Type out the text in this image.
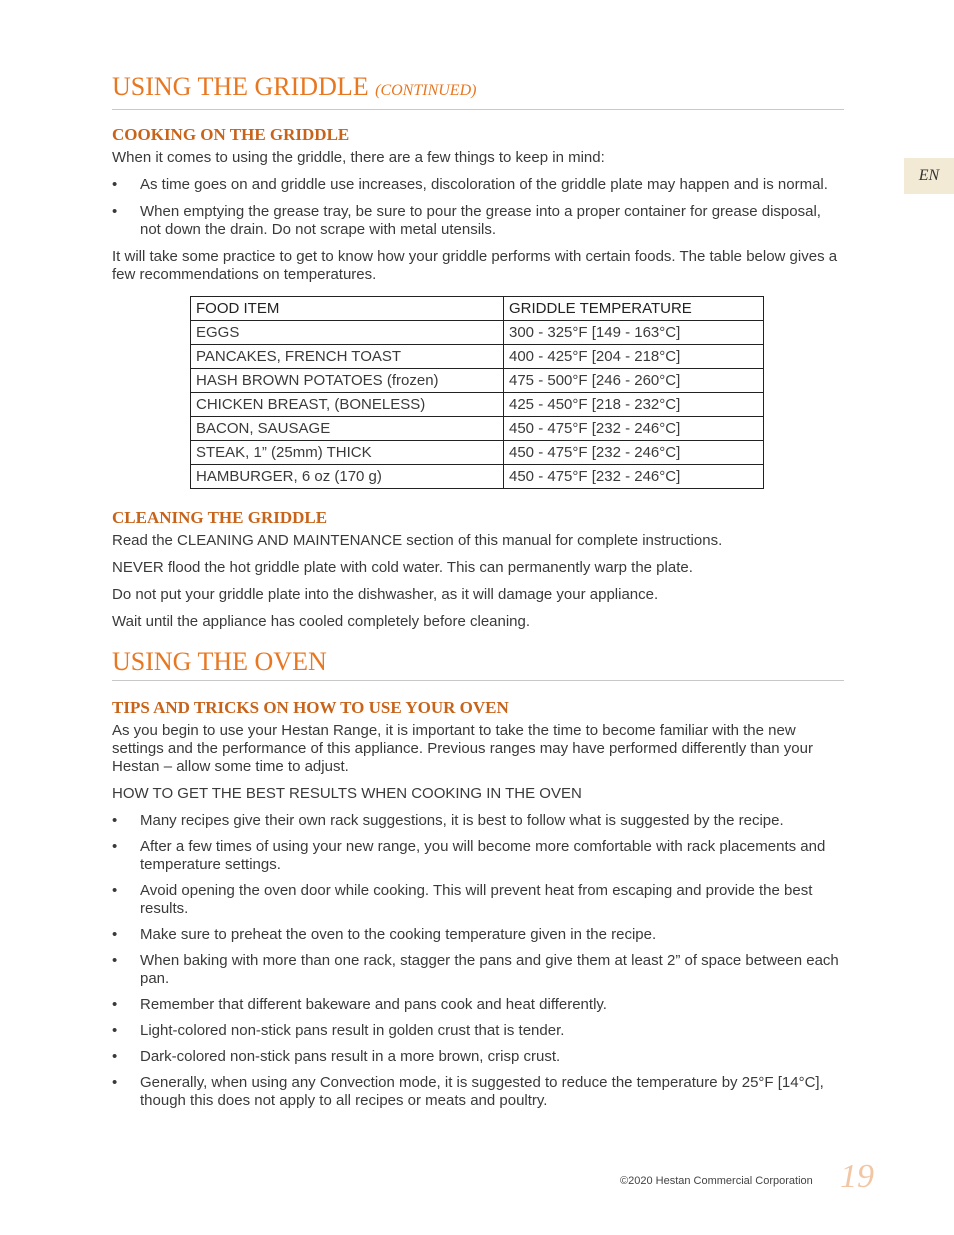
EN
USING THE GRIDDLE (CONTINUED)
COOKING ON THE GRIDDLE

When it comes to using the griddle, there are a few things to keep in mind:

• As time goes on and griddle use increases, discoloration of the griddle plate may happen and is normal.
• When emptying the grease tray, be sure to pour the grease into a proper container for grease disposal, not down the drain. Do not scrape with metal utensils.

It will take some practice to get to know how your griddle performs with certain foods. The table below gives a few recommendations on temperatures.

FOOD ITEM	GRIDDLE TEMPERATURE
EGGS	300 - 325°F [149 - 163°C]
PANCAKES, FRENCH TOAST	400 - 425°F [204 - 218°C]
HASH BROWN POTATOES (frozen)	475 - 500°F [246 - 260°C]
CHICKEN BREAST, (BONELESS)	425 - 450°F [218 - 232°C]
BACON, SAUSAGE	450 - 475°F [232 - 246°C]
STEAK, 1” (25mm) THICK	450 - 475°F [232 - 246°C]
HAMBURGER, 6 oz (170 g)	450 - 475°F [232 - 246°C]
CLEANING THE GRIDDLE

Read the CLEANING AND MAINTENANCE section of this manual for complete instructions.

NEVER flood the hot griddle plate with cold water. This can permanently warp the plate.

Do not put your griddle plate into the dishwasher, as it will damage your appliance.

Wait until the appliance has cooled completely before cleaning.

USING THE OVEN
TIPS AND TRICKS ON HOW TO USE YOUR OVEN

As you begin to use your Hestan Range, it is important to take the time to become familiar with the new settings and the performance of this appliance. Previous ranges may have performed differently than your Hestan – allow some time to adjust.

HOW TO GET THE BEST RESULTS WHEN COOKING IN THE OVEN

• Many recipes give their own rack suggestions, it is best to follow what is suggested by the recipe.
• After a few times of using your new range, you will become more comfortable with rack placements and temperature settings.
• Avoid opening the oven door while cooking. This will prevent heat from escaping and provide the best results.
• Make sure to preheat the oven to the cooking temperature given in the recipe.
• When baking with more than one rack, stagger the pans and give them at least 2” of space between each pan.
• Remember that different bakeware and pans cook and heat differently.
• Light-colored non-stick pans result in golden crust that is tender.
• Dark-colored non-stick pans result in a more brown, crisp crust.
• Generally, when using any Convection mode, it is suggested to reduce the temperature by 25°F [14°C], though this does not apply to all recipes or meats and poultry.
©2020 Hestan Commercial Corporation 19
